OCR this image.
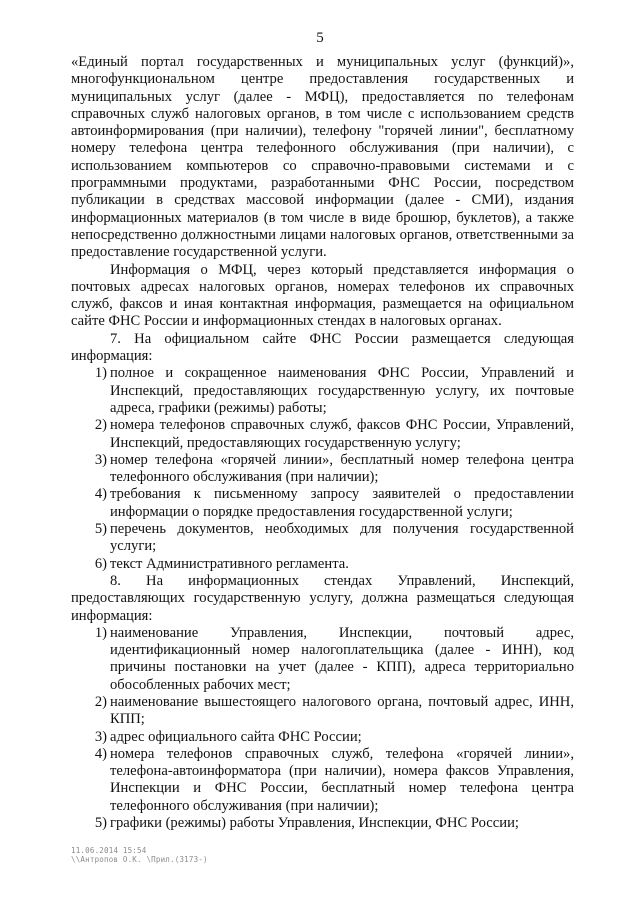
5

«Единый портал государственных и муниципальных услуг (функций)», многофункциональном центре предоставления государственных и муниципальных услуг (далее - МФЦ), предоставляется по телефонам справочных служб налоговых органов, в том числе с использованием средств автоинформирования (при наличии), телефону "горячей линии", бесплатному номеру телефона центра телефонного обслуживания (при наличии), с использованием компьютеров со справочно-правовыми системами и с программными продуктами, разработанными ФНС России, посредством публикации в средствах массовой информации (далее - СМИ), издания информационных материалов (в том числе в виде брошюр, буклетов), а также непосредственно должностными лицами налоговых органов, ответственными за предоставление государственной услуги.

Информация о МФЦ, через который представляется информация о почтовых адресах налоговых органов, номерах телефонов их справочных служб, факсов и иная контактная информация, размещается на официальном сайте ФНС России и информационных стендах в налоговых органах.

7. На официальном сайте ФНС России размещается следующая информация:

1) полное и сокращенное наименования ФНС России, Управлений и Инспекций, предоставляющих государственную услугу, их почтовые адреса, графики (режимы) работы;
2) номера телефонов справочных служб, факсов ФНС России, Управлений, Инспекций, предоставляющих государственную услугу;
3) номер телефона «горячей линии», бесплатный номер телефона центра телефонного обслуживания (при наличии);
4) требования к письменному запросу заявителей о предоставлении информации о порядке предоставления государственной услуги;
5) перечень документов, необходимых для получения государственной услуги;
6) текст Административного регламента.

8. На информационных стендах Управлений, Инспекций, предоставляющих государственную услугу, должна размещаться следующая информация:

1) наименование Управления, Инспекции, почтовый адрес, идентификационный номер налогоплательщика (далее - ИНН), код причины постановки на учет (далее - КПП), адреса территориально обособленных рабочих мест;
2) наименование вышестоящего налогового органа, почтовый адрес, ИНН, КПП;
3) адрес официального сайта ФНС России;
4) номера телефонов справочных служб, телефона «горячей линии», телефона-автоинформатора (при наличии), номера факсов Управления, Инспекции и ФНС России, бесплатный номер телефона центра телефонного обслуживания (при наличии);
5) графики (режимы) работы Управления, Инспекции, ФНС России;
11.06.2014 15:54
\\Антропов О.К. \Прил.(3173-)
